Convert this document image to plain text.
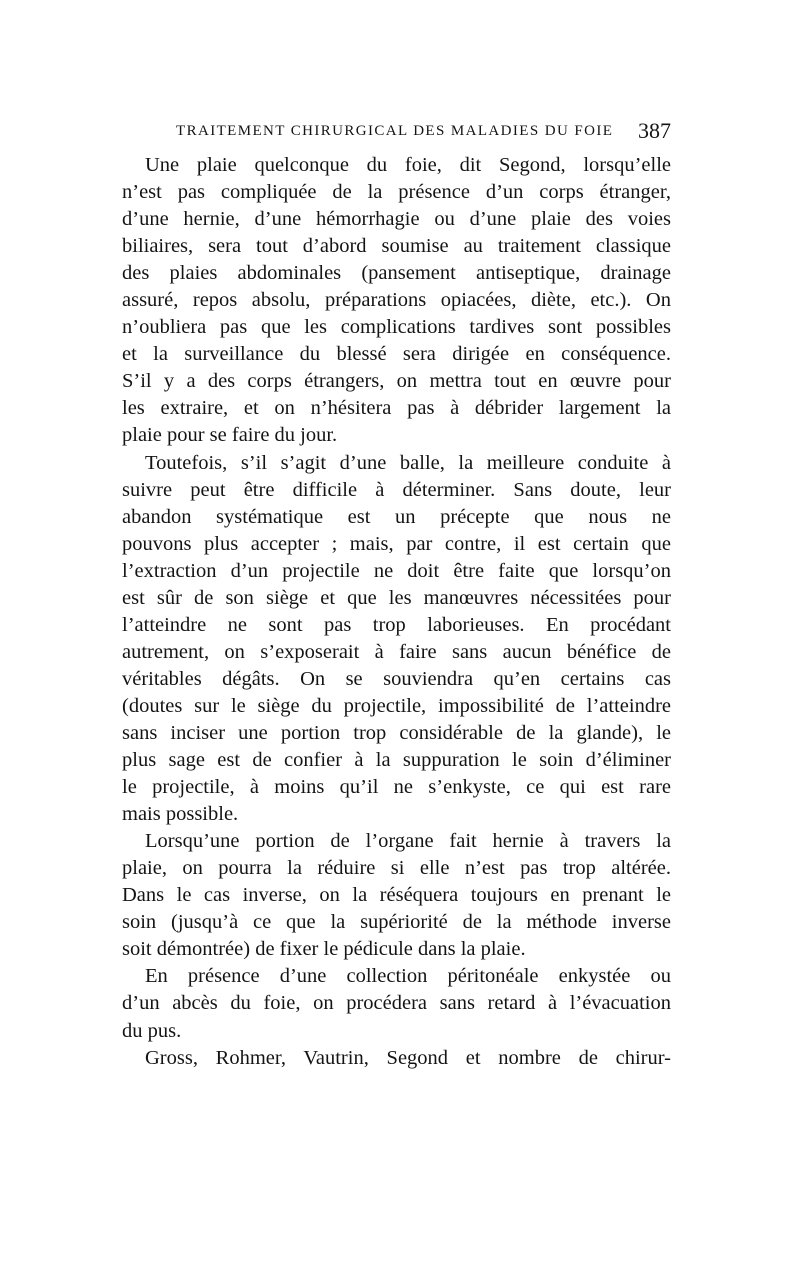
TRAITEMENT CHIRURGICAL DES MALADIES DU FOIE 387
Une plaie quelconque du foie, dit Segond, lorsqu’elle
n’est pas compliquée de la présence d’un corps étranger,
d’une hernie, d’une hémorrhagie ou d’une plaie des voies
biliaires, sera tout d’abord soumise au traitement classique
des plaies abdominales (pansement antiseptique, drainage
assuré, repos absolu, préparations opiacées, diète, etc.). On
n’oubliera pas que les complications tardives sont possibles
et la surveillance du blessé sera dirigée en conséquence.
S’il y a des corps étrangers, on mettra tout en œuvre pour
les extraire, et on n’hésitera pas à débrider largement la
plaie pour se faire du jour.
Toutefois, s’il s’agit d’une balle, la meilleure conduite à
suivre peut être difficile à déterminer. Sans doute, leur
abandon systématique est un précepte que nous ne
pouvons plus accepter ; mais, par contre, il est certain que
l’extraction d’un projectile ne doit être faite que lorsqu’on
est sûr de son siège et que les manœuvres nécessitées pour
l’atteindre ne sont pas trop laborieuses. En procédant
autrement, on s’exposerait à faire sans aucun bénéfice de
véritables dégâts. On se souviendra qu’en certains cas
(doutes sur le siège du projectile, impossibilité de l’atteindre
sans inciser une portion trop considérable de la glande), le
plus sage est de confier à la suppuration le soin d’éliminer
le projectile, à moins qu’il ne s’enkyste, ce qui est rare
mais possible.
Lorsqu’une portion de l’organe fait hernie à travers la
plaie, on pourra la réduire si elle n’est pas trop altérée.
Dans le cas inverse, on la réséquera toujours en prenant le
soin (jusqu’à ce que la supériorité de la méthode inverse
soit démontrée) de fixer le pédicule dans la plaie.
En présence d’une collection péritonéale enkystée ou
d’un abcès du foie, on procédera sans retard à l’évacuation
du pus.
Gross, Rohmer, Vautrin, Segond et nombre de chirur-
